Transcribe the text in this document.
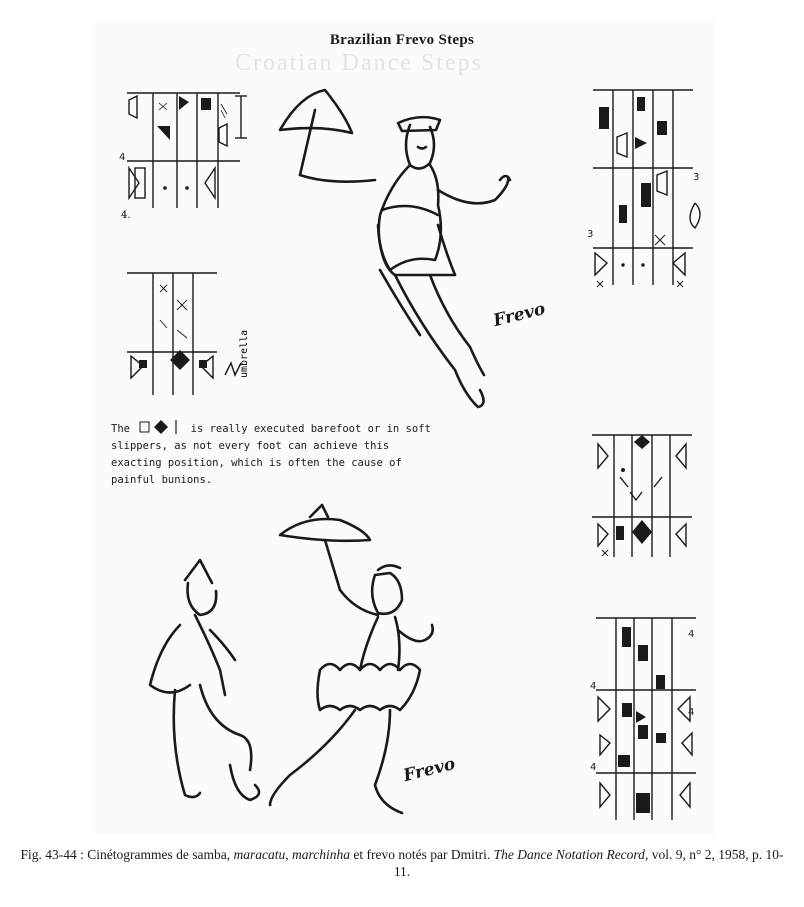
Croatian Dance Steps
Brazilian Frevo Steps
4
4.
umbrella
The	is really executed barefoot or in soft slippers, as not every foot can achieve this exacting position, which is often the cause of painful bunions.
Frevo
3
3
4
4
4
4
Frevo
Fig. 43-44 : Cinétogrammes de samba, maracatu, marchinha et frevo notés par Dmitri. The Dance Notation Record, vol. 9, n° 2, 1958, p. 10-11.
